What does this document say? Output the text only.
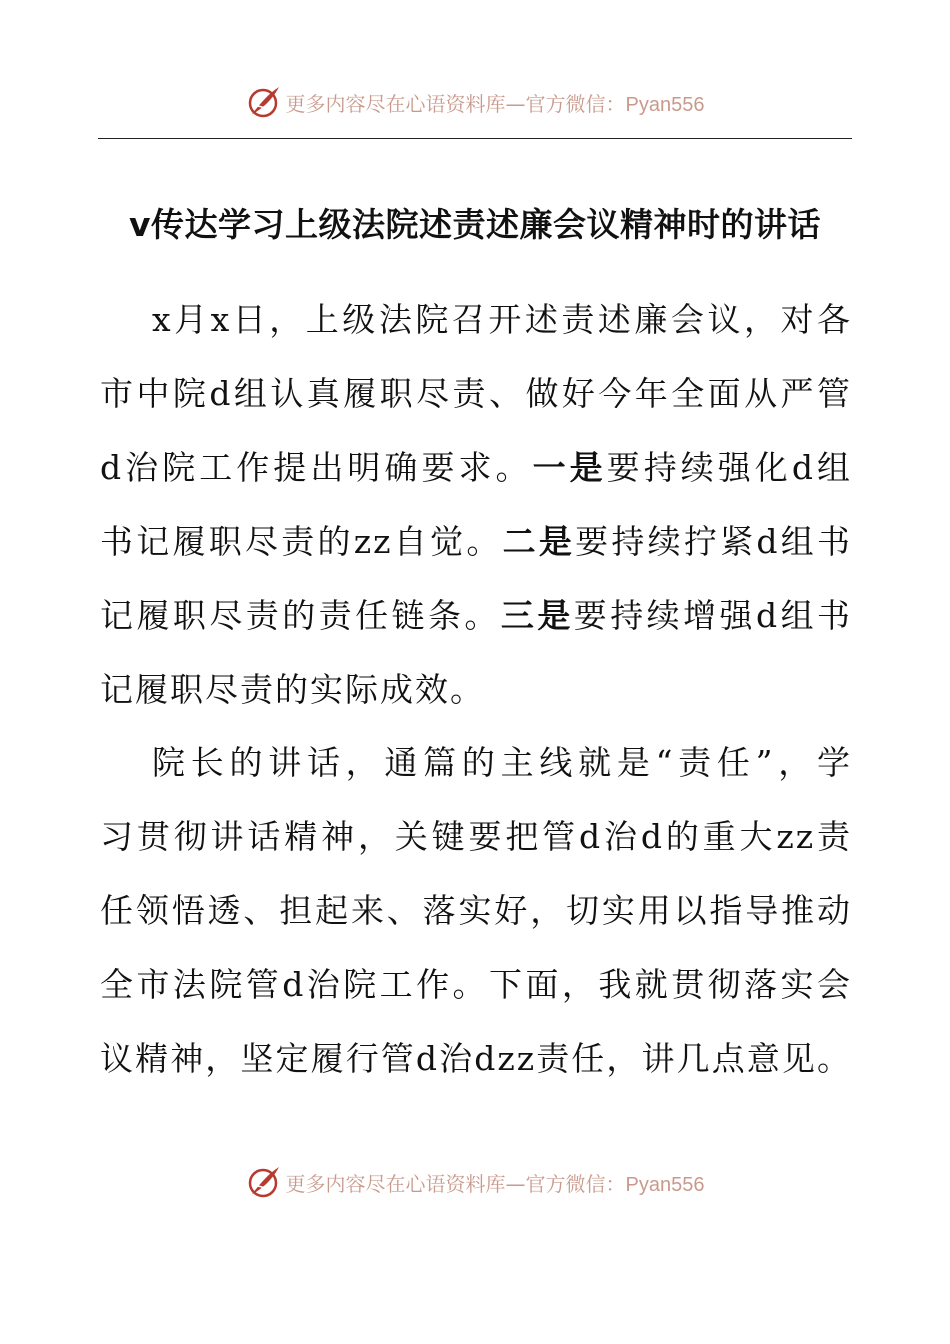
更多内容尽在心语资料库—官方微信：Pyan556
v传达学习上级法院述责述廉会议精神时的讲话
x月x日，上级法院召开述责述廉会议，对各
市中院d组认真履职尽责、做好今年全面从严管
d治院工作提出明确要求。一是要持续强化d组
书记履职尽责的zz自觉。二是要持续拧紧d组书
记履职尽责的责任链条。三是要持续增强d组书
记履职尽责的实际成效。
院长的讲话，通篇的主线就是“责任”，学
习贯彻讲话精神，关键要把管d治d的重大zz责
任领悟透、担起来、落实好，切实用以指导推动
全市法院管d治院工作。下面，我就贯彻落实会
议精神，坚定履行管d治dzz责任，讲几点意见。
更多内容尽在心语资料库—官方微信：Pyan556
